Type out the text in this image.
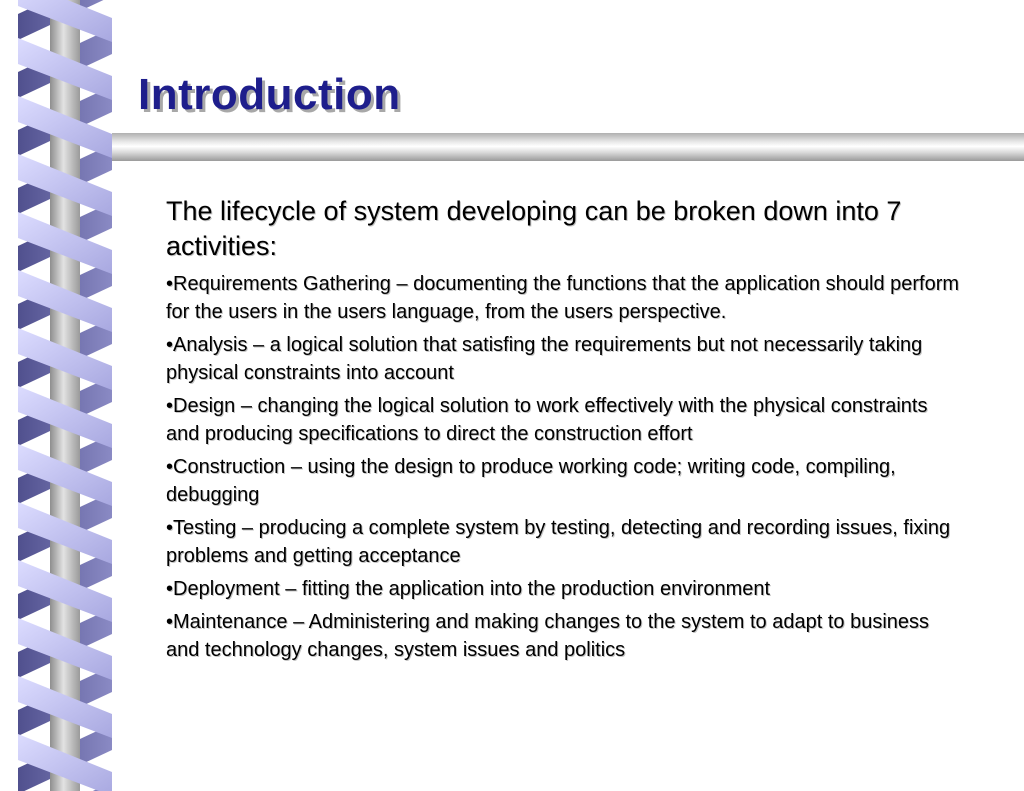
Introduction

The lifecycle of system developing can be broken down into 7 activities:

•Requirements Gathering – documenting the functions that the application should perform for the users in the users language, from the users perspective.
•Analysis – a logical solution that satisfing the requirements but not necessarily taking physical constraints into account
•Design – changing the logical solution to work effectively with the physical constraints and producing specifications to direct the construction effort
•Construction – using the design to produce working code; writing code, compiling, debugging
•Testing – producing a complete system by testing, detecting and recording issues, fixing problems and getting acceptance
•Deployment – fitting the application into the production environment
•Maintenance – Administering and making changes to the system to adapt to business and technology changes, system issues and politics
